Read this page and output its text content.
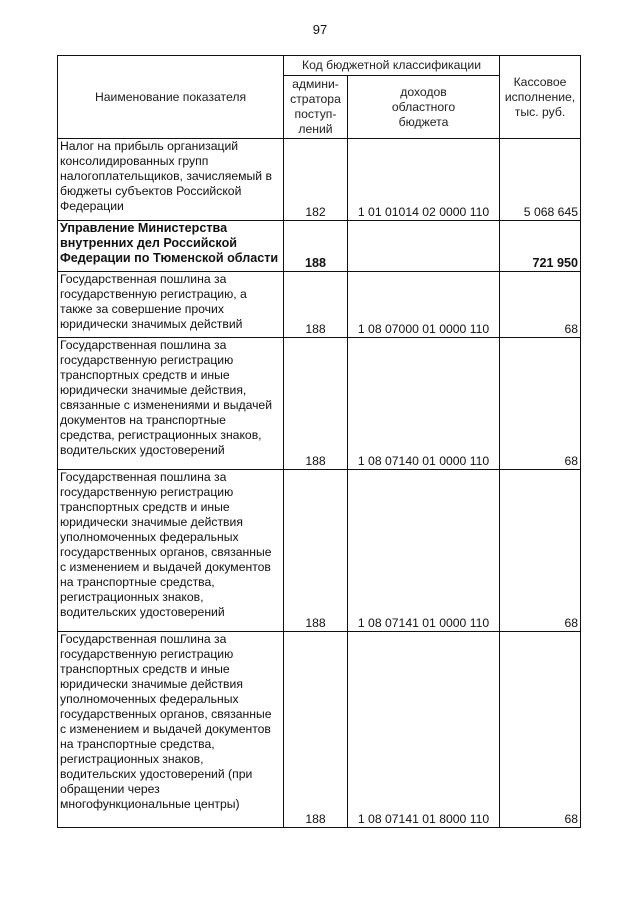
97
Наименование показателя	Код бюджетной классификации		Кассовое
исполнение,
тыс. руб.
	админи-
стратора
поступ-
лений	доходов
областного
бюджета	
Налог на прибыль организаций консолидированных групп налогоплательщиков, зачисляемый в бюджеты субъектов Российской Федерации	182	1 01 01014 02 0000 110	5 068 645
Управление Министерства внутренних дел Российской Федерации по Тюменской области	188		721 950
Государственная пошлина за государственную регистрацию, а также за совершение прочих юридически значимых действий	188	1 08 07000 01 0000 110	68
Государственная пошлина за государственную регистрацию транспортных средств и иные юридически значимые действия, связанные с изменениями и выдачей документов на транспортные средства, регистрационных знаков, водительских удостоверений	188	1 08 07140 01 0000 110	68
Государственная пошлина за государственную регистрацию транспортных средств и иные юридически значимые действия уполномоченных федеральных государственных органов, связанные с изменением и выдачей документов на транспортные средства, регистрационных знаков, водительских удостоверений	188	1 08 07141 01 0000 110	68
Государственная пошлина за государственную регистрацию транспортных средств и иные юридически значимые действия уполномоченных федеральных государственных органов, связанные с изменением и выдачей документов на транспортные средства, регистрационных знаков, водительских удостоверений (при обращении через многофункциональные центры)	188	1 08 07141 01 8000 110	68
